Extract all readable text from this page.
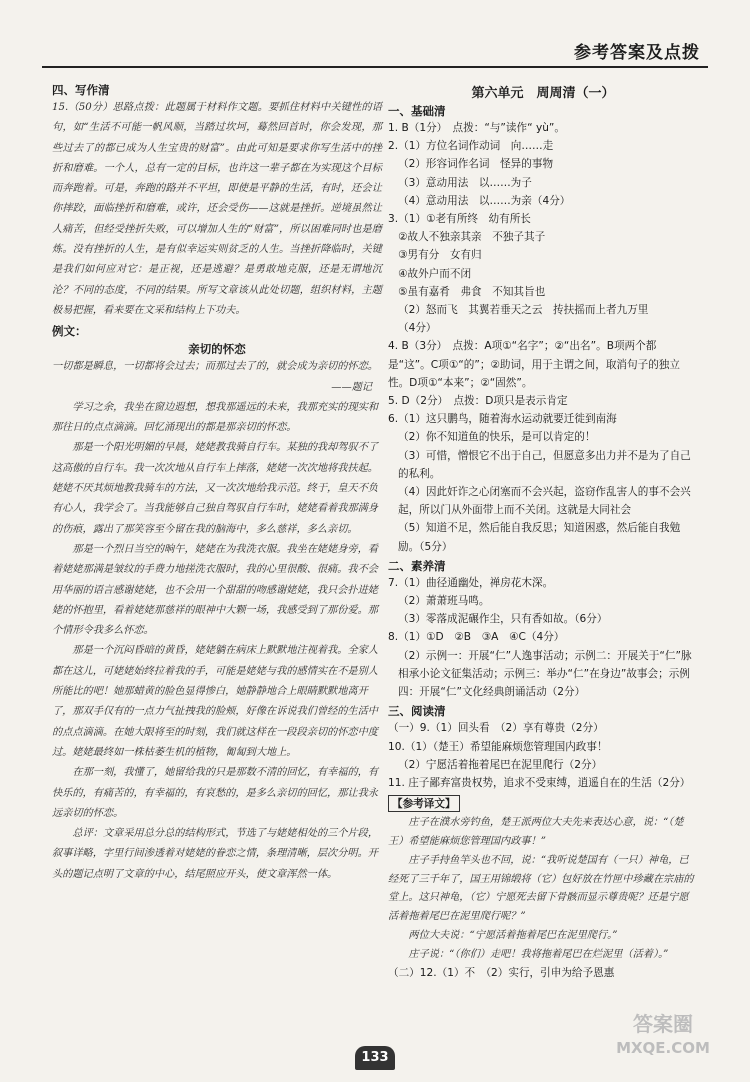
参考答案及点拨
四、写作清
15.（50分）思路点拨：此题属于材料作文题。要抓住材料中关键性的语句，如“生活不可能一帆风顺，当踏过坎坷，蓦然回首时，你会发现，那些过去了的都已成为人生宝贵的财富”。由此可知是要求你写生活中的挫折和磨难。一个人，总有一定的目标，也许这一辈子都在为实现这个目标而奔跑着。可是，奔跑的路并不平坦，即使是平静的生活，有时，还会让你摔跤，面临挫折和磨难，或许，还会受伤——这就是挫折。逆境虽然让人痛苦，但经受挫折失败，可以增加人生的“财富”，所以困难同时也是磨炼。没有挫折的人生，是有似幸运实则贫乏的人生。当挫折降临时，关键是我们如何应对它：是正视，还是逃避？是勇敢地克服，还是无谓地沉沦？不同的态度，不同的结果。所写文章该从此处切题，组织材料，主题极易把握，看来要在文采和结构上下功夫。
例文：
亲切的怀恋
一切都是瞬息，一切都将会过去；而那过去了的，就会成为亲切的怀恋。
——题记
学习之余，我坐在窗边遐想，想我那遥远的未来，我那充实的现实和那往日的点点滴滴。回忆涌现出的都是那亲切的怀恋。
那是一个阳光明媚的早晨，姥姥教我骑自行车。某独的我却驾驭不了这高傲的自行车。我一次次地从自行车上摔落，姥姥一次次地将我扶起。姥姥不厌其烦地教我骑车的方法，又一次次地给我示范。终于，皇天不负有心人，我学会了。当我能够自己独自驾驭自行车时，姥姥看着我那满身的伤痕，露出了那笑容至今留在我的脑海中，多么慈祥，多么亲切。
那是一个烈日当空的晌午，姥姥在为我洗衣服。我坐在姥姥身旁，看着姥姥那满是皱纹的手费力地搓洗衣服时，我的心里很酸、很痛。我不会用华丽的语言感谢姥姥，也不会用一个甜甜的吻感谢姥姥，我只会扑进姥姥的怀抱里，看着姥姥那慈祥的眼神中大颗一场，我感受到了那份爱。那个情形令我多么怀恋。
那是一个沉闷昏暗的黄昏，姥姥躺在病床上默默地注视着我。全家人都在这儿，可姥姥始终拉着我的手，可能是姥姥与我的感情实在不是别人所能比的吧！她那蜡黄的脸色显得惨白，她静静地合上眼睛默默地离开了，那双手仅有的一点力气扯拽我的脸颊，好像在诉说我们曾经的生活中的点点滴滴。在她大限将至的时刻，我们就这样在一段段亲切的怀恋中度过。姥姥最终如一株枯萎生机的植物，匍匐到大地上。
在那一刻，我懂了，她留给我的只是那数不清的回忆，有幸福的，有快乐的，有痛苦的，有幸福的，有哀愁的，是多么亲切的回忆，那让我永远亲切的怀恋。
总评：文章采用总分总的结构形式，节选了与姥姥相处的三个片段，叙事详略，字里行间渗透着对姥姥的眷恋之情，条理清晰，层次分明。开头的题记点明了文章的中心，结尾照应开头，使文章浑然一体。
第六单元　周周清（一）
一、基础清
1. B（1分）　点拨：“与”读作“ yù”。
2.（1）方位名词作动词　向……走
（2）形容词作名词　怪异的事物
（3）意动用法　以……为子
（4）意动用法　以……为亲（4分）
3.（1）①老有所终　幼有所长
②故人不独亲其亲　不独子其子
③男有分　女有归
④故外户而不闭
⑤虽有嘉肴　弗食　不知其旨也
（2）怒而飞　其翼若垂天之云　抟扶摇而上者九万里
（4分）
4. B（3分）　点拨：A项①“名字”；②“出名”。B项两个都是“这”。C项①“的”；②助词，用于主谓之间，取消句子的独立性。D项①“本来”；②“固然”。
5. D（2分）　点拨：D项只是表示肯定
6.（1）这只鹏鸟，随着海水运动就要迁徙到南海
（2）你不知道鱼的快乐，是可以肯定的！
（3）可惜，憎恨它不出于自己，但愿意多出力并不是为了自己的私利。
（4）因此奸诈之心闭塞而不会兴起，盗窃作乱害人的事不会兴起，所以门从外面带上而不关闭。这就是大同社会
（5）知道不足，然后能自我反思；知道困惑，然后能自我勉励。（5分）
二、素养清
7.（1）曲径通幽处，禅房花木深。
（2）萧萧班马鸣。
（3）零落成泥碾作尘，只有香如故。（6分）
8.（1）①D　②B　③A　④C（4分）
（2）示例一：开展“仁”人逸事活动；示例二：开展关于“仁”脉相承小论文征集活动；示例三：举办“仁”在身边”故事会；示例四：开展“仁”文化经典朗诵活动（2分）
三、阅读清
（一）9.（1）回头看　（2）享有尊贵（2分）
10.（1）（楚王）希望能麻烦您管理国内政事！
（2）宁愿活着拖着尾巴在泥里爬行（2分）
11. 庄子鄙弃富贵权势，追求不受束缚，逍遥自在的生活（2分）
【参考译文】
庄子在濮水旁钓鱼，楚王派两位大夫先来表达心意，说：“（楚王）希望能麻烦您管理国内政事！”
庄子手持鱼竿头也不回，说：“我听说楚国有（一只）神龟，已经死了三千年了，国王用锦缎将（它）包好放在竹匣中珍藏在宗庙的堂上。这只神龟，（它）宁愿死去留下骨骸而显示尊贵呢？还是宁愿活着拖着尾巴在泥里爬行呢？”
两位大夫说：“宁愿活着拖着尾巴在泥里爬行。”
庄子说：“（你们）走吧！我将拖着尾巴在烂泥里（活着）。”
（二）12.（1）不　（2）实行，引申为给予恩惠
133
答案圈
MXQE.COM
